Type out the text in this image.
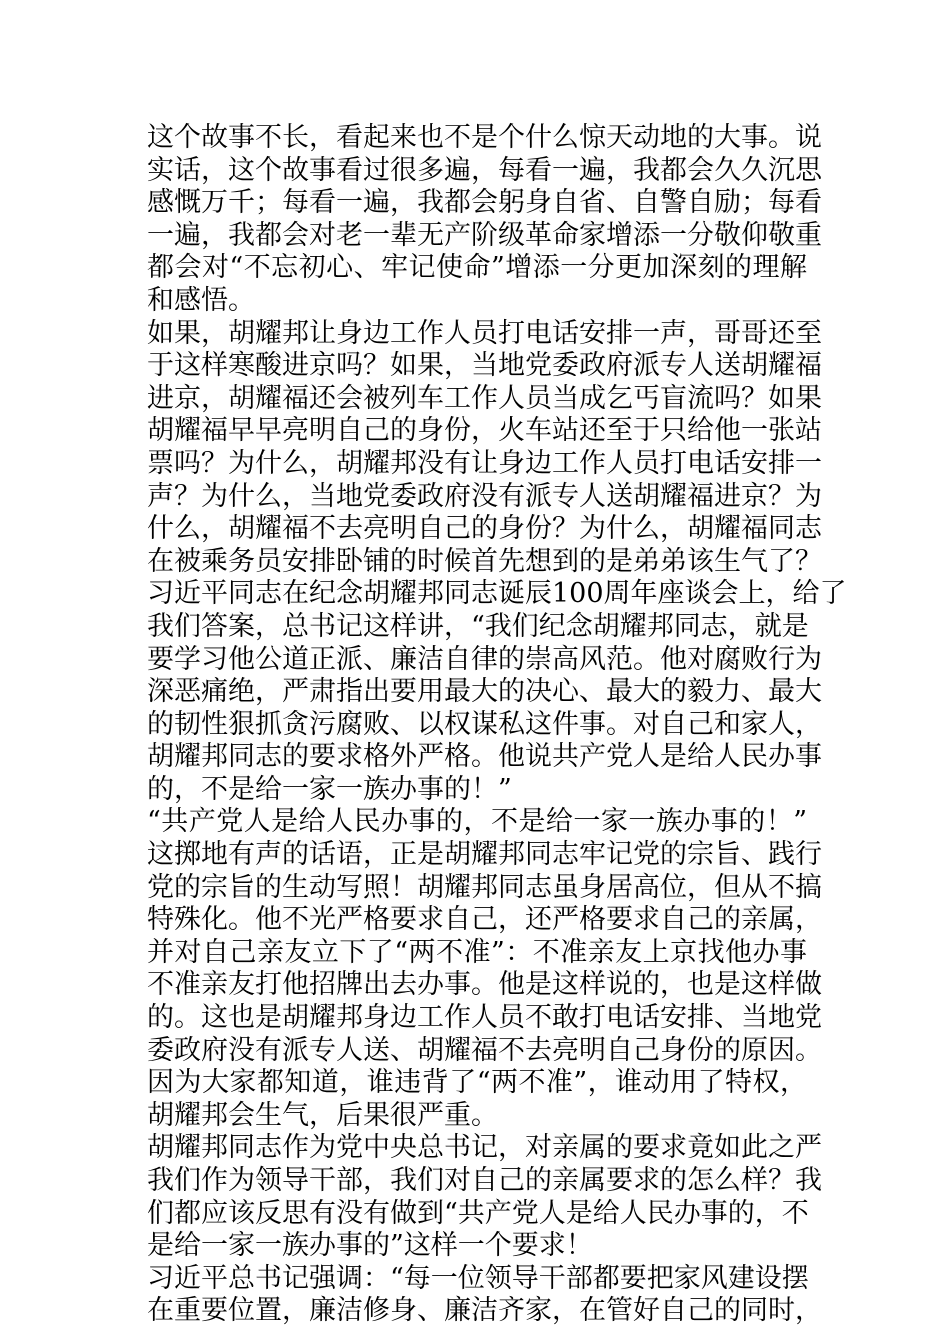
这个故事不长，看起来也不是个什么惊天动地的大事。说
实话，这个故事看过很多遍，每看一遍，我都会久久沉思
感慨万千；每看一遍，我都会躬身自省、自警自励；每看
一遍，我都会对老一辈无产阶级革命家增添一分敬仰敬重
都会对“不忘初心、牢记使命”增添一分更加深刻的理解
和感悟。
如果，胡耀邦让身边工作人员打电话安排一声，哥哥还至
于这样寒酸进京吗？如果，当地党委政府派专人送胡耀福
进京，胡耀福还会被列车工作人员当成乞丐盲流吗？如果
胡耀福早早亮明自己的身份，火车站还至于只给他一张站
票吗？为什么，胡耀邦没有让身边工作人员打电话安排一
声？为什么，当地党委政府没有派专人送胡耀福进京？为
什么，胡耀福不去亮明自己的身份？为什么，胡耀福同志
在被乘务员安排卧铺的时候首先想到的是弟弟该生气了？
习近平同志在纪念胡耀邦同志诞辰100周年座谈会上，给了
我们答案，总书记这样讲，“我们纪念胡耀邦同志，就是
要学习他公道正派、廉洁自律的崇高风范。他对腐败行为
深恶痛绝，严肃指出要用最大的决心、最大的毅力、最大
的韧性狠抓贪污腐败、以权谋私这件事。对自己和家人，
胡耀邦同志的要求格外严格。他说共产党人是给人民办事
的，不是给一家一族办事的！”
“共产党人是给人民办事的，不是给一家一族办事的！”
这掷地有声的话语，正是胡耀邦同志牢记党的宗旨、践行
党的宗旨的生动写照！胡耀邦同志虽身居高位，但从不搞
特殊化。他不光严格要求自己，还严格要求自己的亲属，
并对自己亲友立下了“两不准”：不准亲友上京找他办事
不准亲友打他招牌出去办事。他是这样说的，也是这样做
的。这也是胡耀邦身边工作人员不敢打电话安排、当地党
委政府没有派专人送、胡耀福不去亮明自己身份的原因。
因为大家都知道，谁违背了“两不准”，谁动用了特权，
胡耀邦会生气，后果很严重。
胡耀邦同志作为党中央总书记，对亲属的要求竟如此之严
我们作为领导干部，我们对自己的亲属要求的怎么样？我
们都应该反思有没有做到“共产党人是给人民办事的，不
是给一家一族办事的”这样一个要求！
习近平总书记强调：“每一位领导干部都要把家风建设摆
在重要位置，廉洁修身、廉洁齐家，在管好自己的同时，
